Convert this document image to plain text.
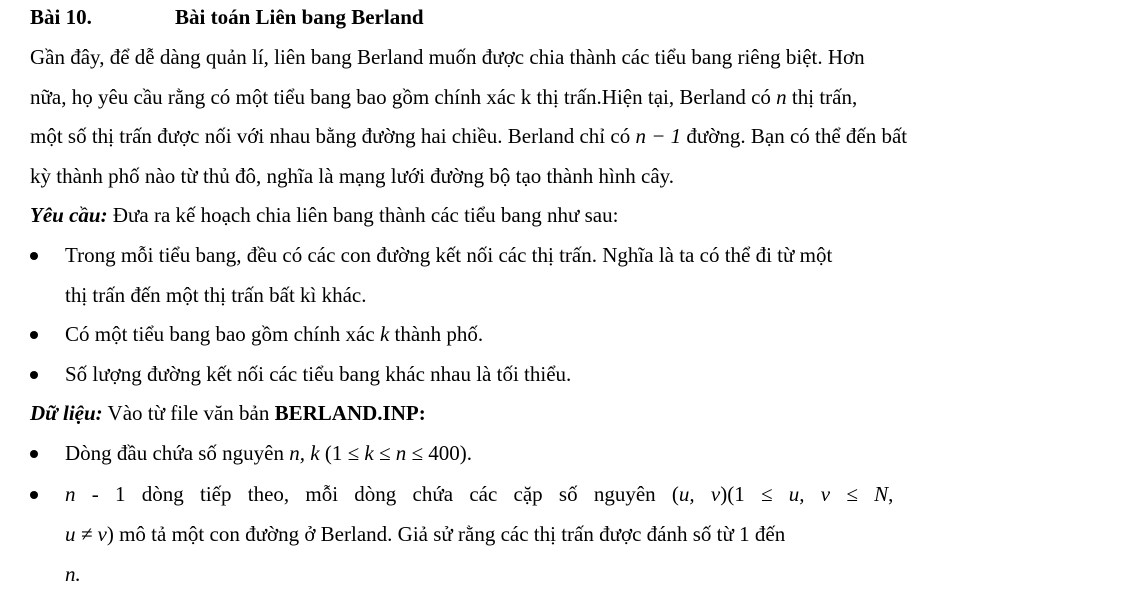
Bài 10.	Bài toán Liên bang Berland
Gần đây, để dễ dàng quản lí, liên bang Berland muốn được chia thành các tiểu bang riêng biệt. Hơn
nữa, họ yêu cầu rằng có một tiểu bang bao gồm chính xác k thị trấn.Hiện tại, Berland có n thị trấn,
một số thị trấn được nối với nhau bằng đường hai chiều. Berland chỉ có n − 1 đường. Bạn có thể đến bất
kỳ thành phố nào từ thủ đô, nghĩa là mạng lưới đường bộ tạo thành hình cây.
Yêu cầu: Đưa ra kế hoạch chia liên bang thành các tiểu bang như sau:
Trong mỗi tiểu bang, đều có các con đường kết nối các thị trấn. Nghĩa là ta có thể đi từ một
thị trấn đến một thị trấn bất kì khác.
Có một tiểu bang bao gồm chính xác k thành phố.
Số lượng đường kết nối các tiểu bang khác nhau là tối thiểu.
Dữ liệu: Vào từ file văn bản BERLAND.INP:
Dòng đầu chứa số nguyên n, k (1 ≤ k ≤ n ≤ 400).
n - 1 dòng tiếp theo, mỗi dòng chứa các cặp số nguyên (u, v)(1 ≤ u, v ≤ N,
u ≠ v) mô tả một con đường ở Berland. Giả sử rằng các thị trấn được đánh số từ 1 đến
n.
